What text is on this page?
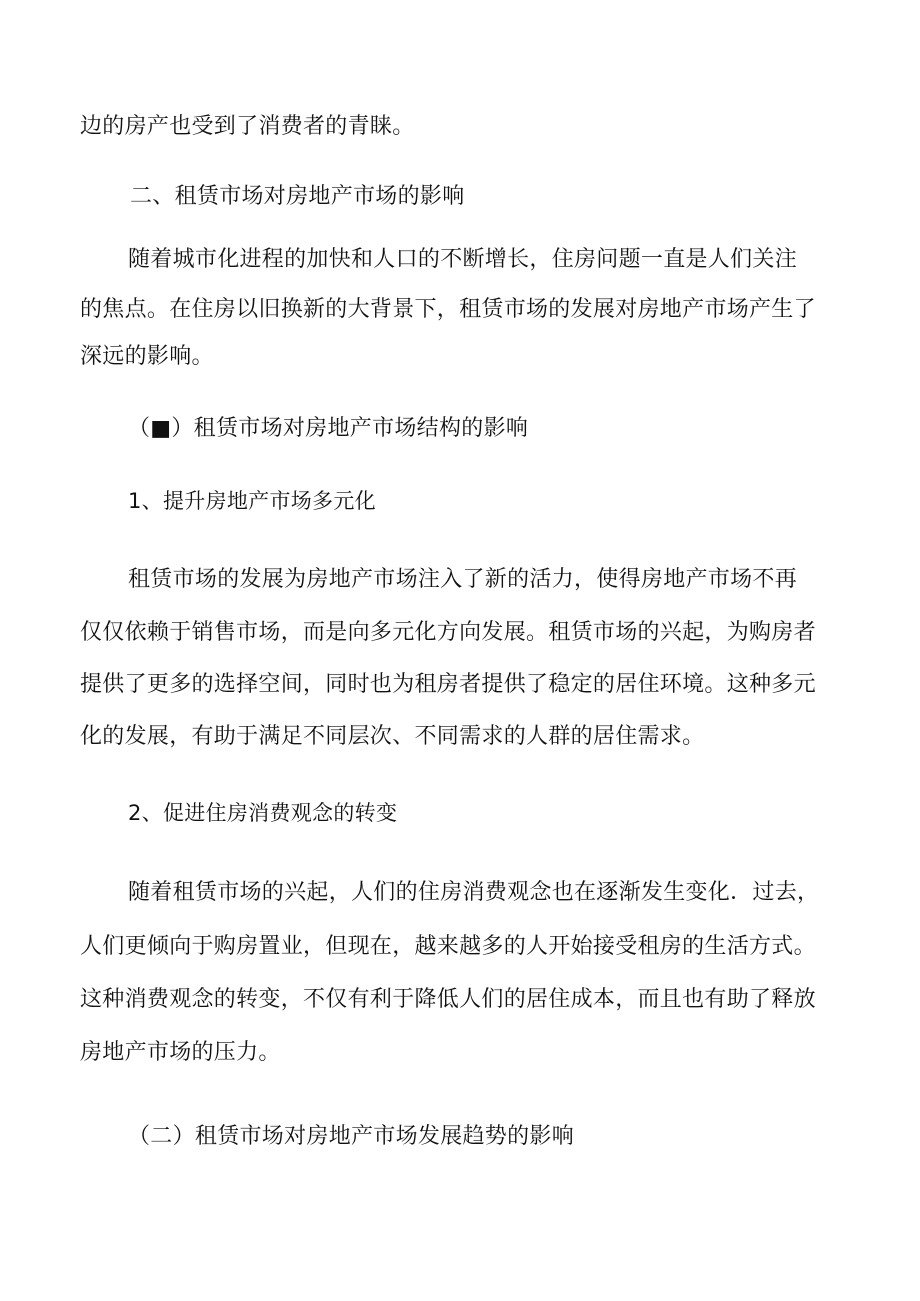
边的房产也受到了消费者的青睐。

二、租赁市场对房地产市场的影响

随着城市化进程的加快和人口的不断增长，住房问题一直是人们关注

的焦点。在住房以旧换新的大背景下，租赁市场的发展对房地产市场产生了

深远的影响。

（■）租赁市场对房地产市场结构的影响

1、提升房地产市场多元化

租赁市场的发展为房地产市场注入了新的活力，使得房地产市场不再

仅仅依赖于销售市场，而是向多元化方向发展。租赁市场的兴起，为购房者

提供了更多的选择空间，同时也为租房者提供了稳定的居住环境。这种多元

化的发展，有助于满足不同层次、不同需求的人群的居住需求。

2、促进住房消费观念的转变

随着租赁市场的兴起，人们的住房消费观念也在逐渐发生变化．过去，

人们更倾向于购房置业，但现在，越来越多的人开始接受租房的生活方式。

这种消费观念的转变，不仅有利于降低人们的居住成本，而且也有助了释放

房地产市场的压力。

（二）租赁市场对房地产市场发展趋势的影响
